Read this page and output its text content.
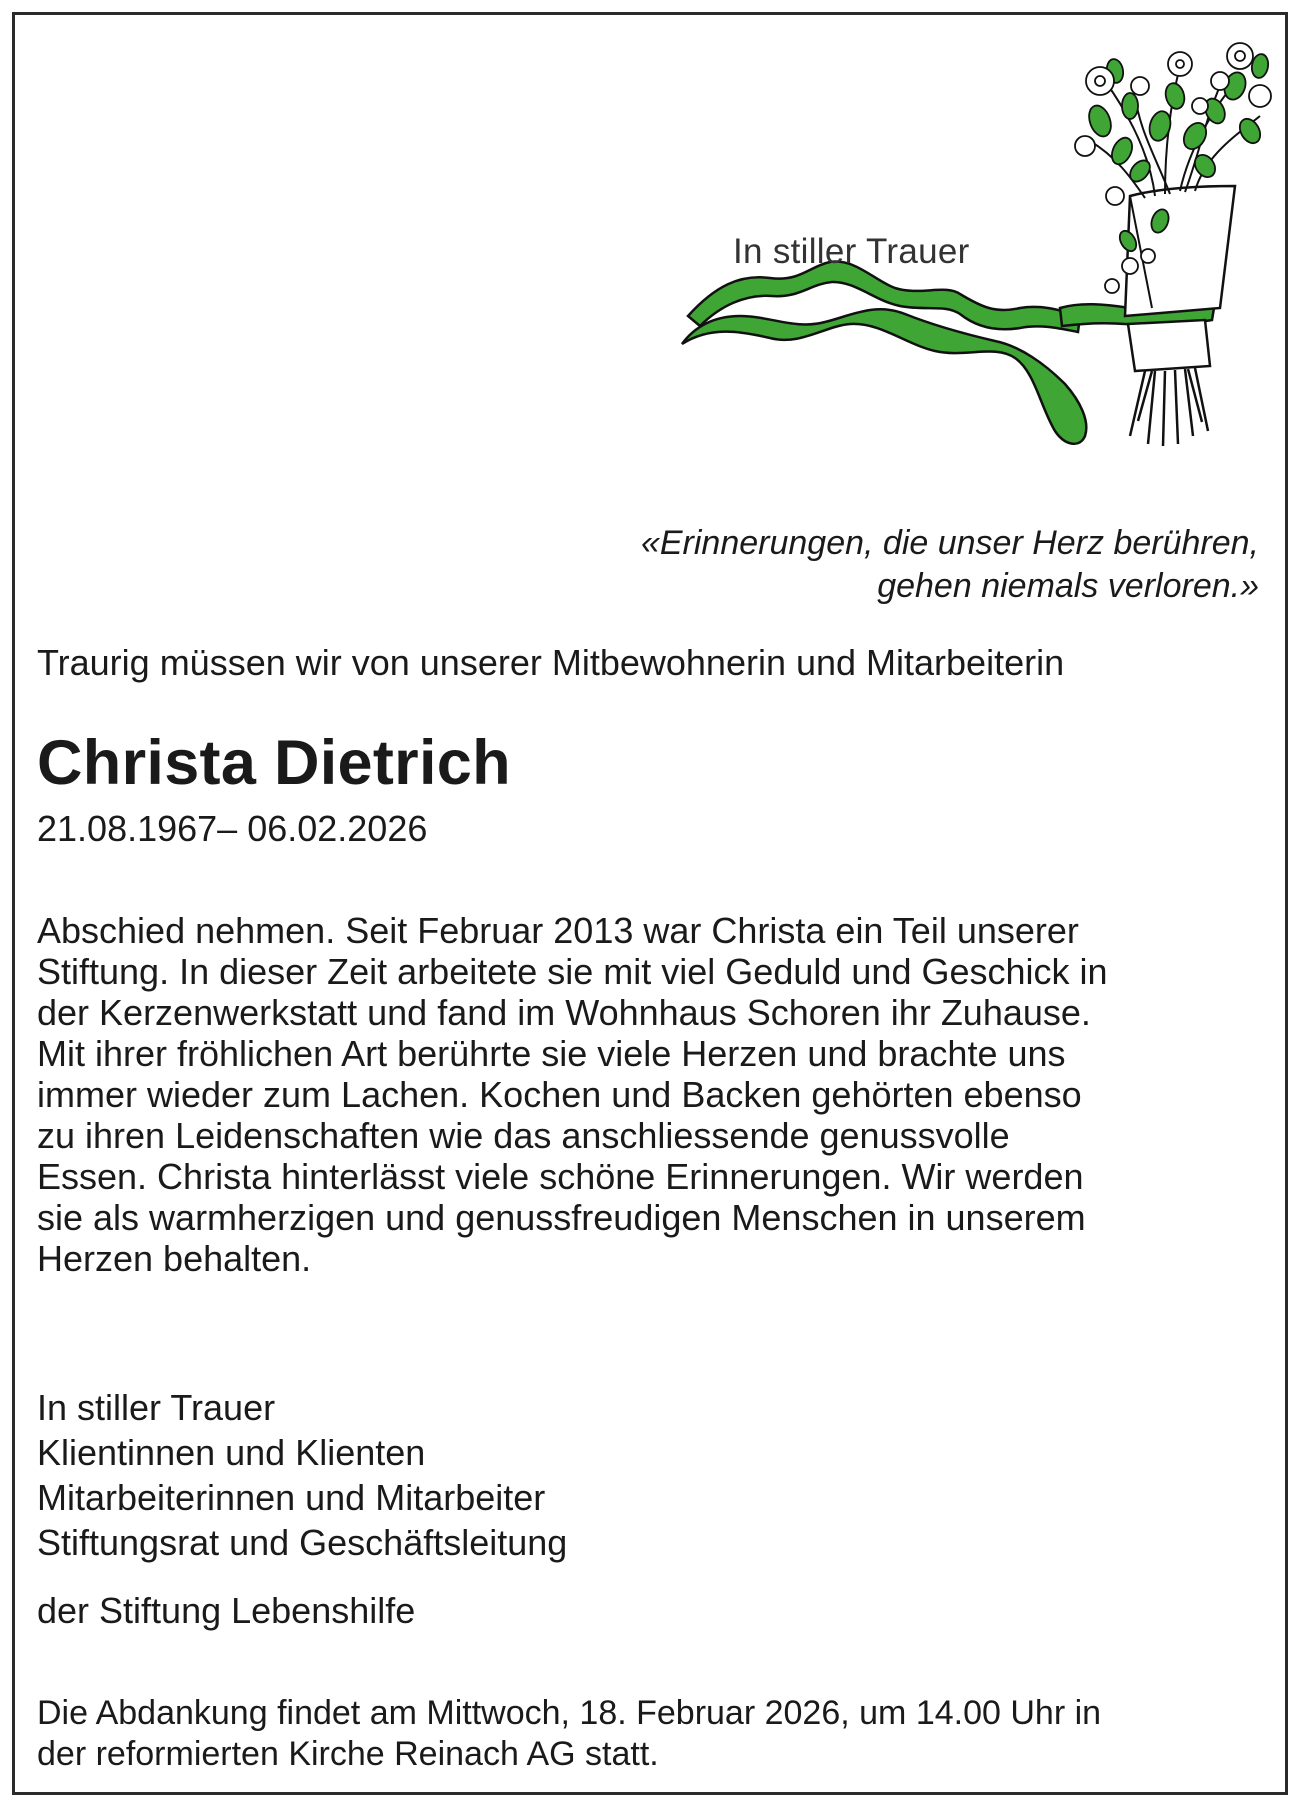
In stiller Trauer
«Erinnerungen, die unser Herz berühren,
gehen niemals verloren.»
Traurig müssen wir von unserer Mitbewohnerin und Mitarbeiterin
Christa Dietrich
21.08.1967– 06.02.2026
Abschied nehmen. Seit Februar 2013 war Christa ein Teil unserer
Stiftung. In dieser Zeit arbeitete sie mit viel Geduld und Geschick in
der Kerzenwerkstatt und fand im Wohnhaus Schoren ihr Zuhause.
Mit ihrer fröhlichen Art berührte sie viele Herzen und brachte uns
immer wieder zum Lachen. Kochen und Backen gehörten ebenso
zu ihren Leidenschaften wie das anschliessende genussvolle
Essen. Christa hinterlässt viele schöne Erinnerungen. Wir werden
sie als warmherzigen und genussfreudigen Menschen in unserem
Herzen behalten.
In stiller Trauer
Klientinnen und Klienten
Mitarbeiterinnen und Mitarbeiter
Stiftungsrat und Geschäftsleitung
der Stiftung Lebenshilfe
Die Abdankung findet am Mittwoch, 18. Februar 2026, um 14.00 Uhr in
der reformierten Kirche Reinach AG statt.
